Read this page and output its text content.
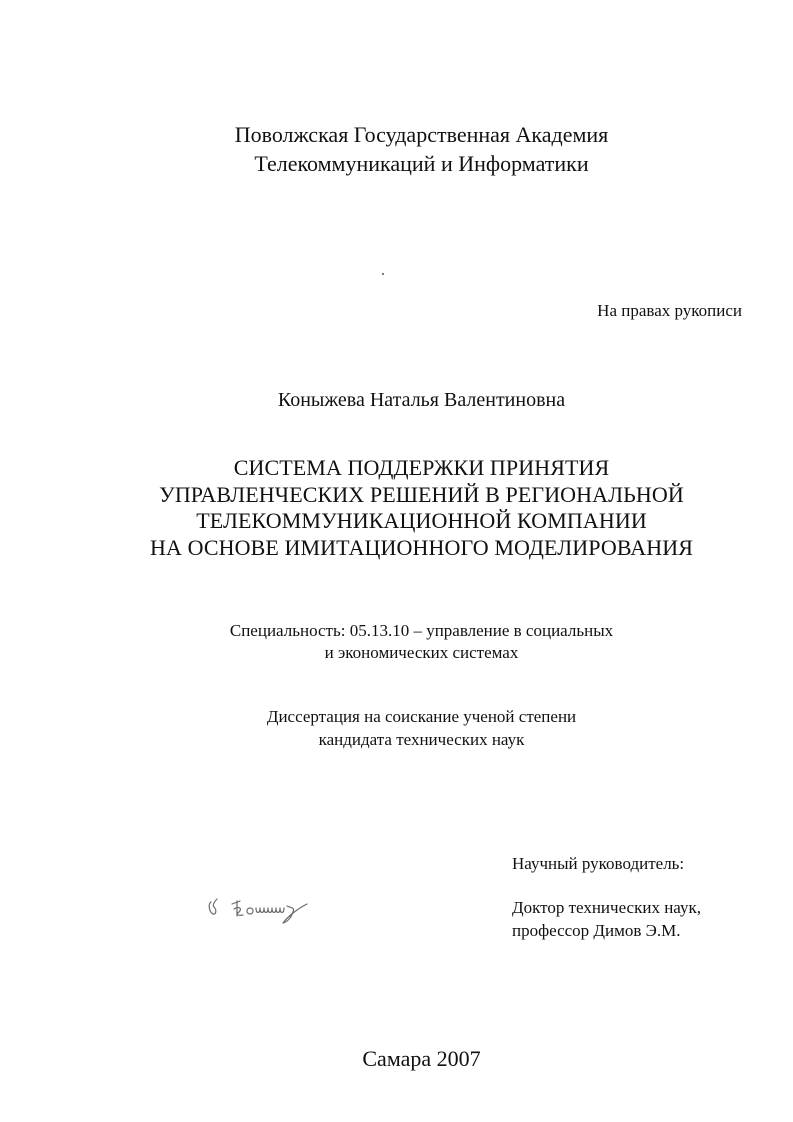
Поволжская Государственная Академия
Телекоммуникаций и Информатики
На правах рукописи
Коныжева Наталья Валентиновна
СИСТЕМА ПОДДЕРЖКИ ПРИНЯТИЯ
УПРАВЛЕНЧЕСКИХ РЕШЕНИЙ В РЕГИОНАЛЬНОЙ
ТЕЛЕКОММУНИКАЦИОННОЙ КОМПАНИИ
НА ОСНОВЕ ИМИТАЦИОННОГО МОДЕЛИРОВАНИЯ
Специальность: 05.13.10 – управление в социальных
и экономических системах
Диссертация на соискание ученой степени
кандидата технических наук
Научный руководитель:
Доктор технических наук,
профессор Димов Э.М.
Самара 2007
